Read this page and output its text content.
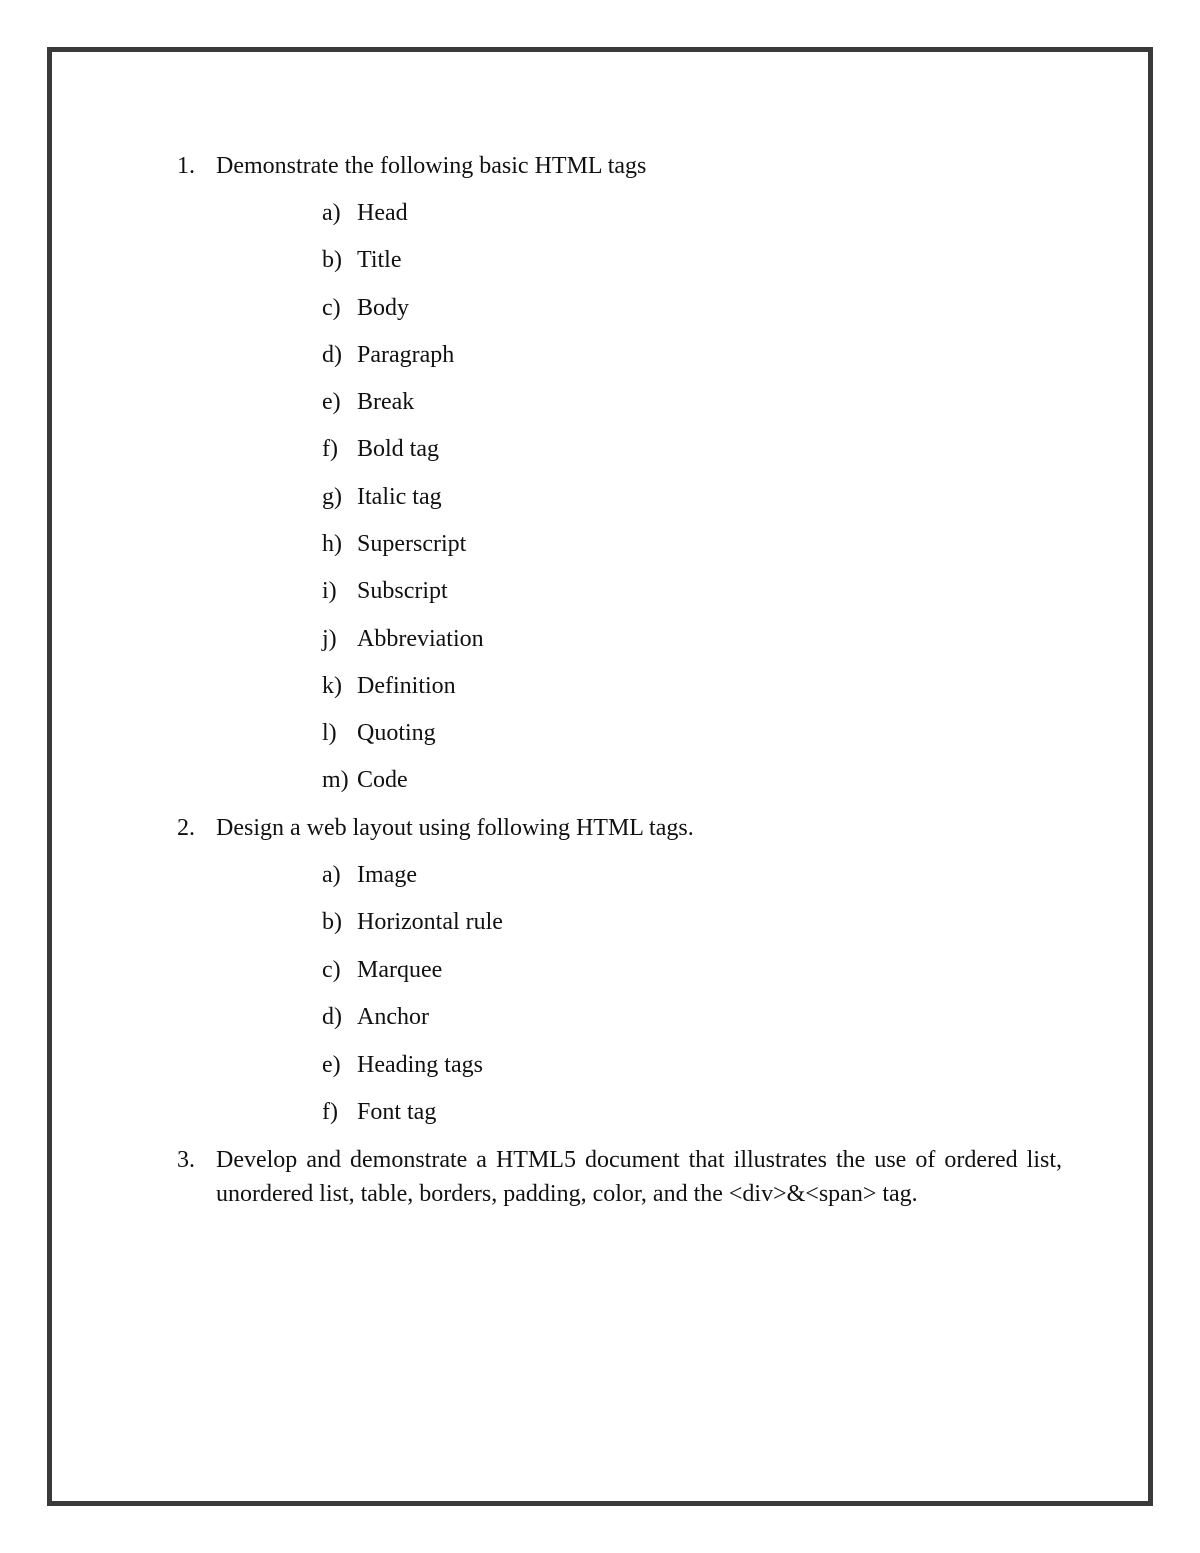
1. Demonstrate the following basic HTML tags
a) Head
b) Title
c) Body
d) Paragraph
e) Break
f) Bold tag
g) Italic tag
h) Superscript
i) Subscript
j) Abbreviation
k) Definition
l) Quoting
m) Code
2. Design a web layout using following HTML tags.
a) Image
b) Horizontal rule
c) Marquee
d) Anchor
e) Heading tags
f) Font tag
3. Develop and demonstrate a HTML5 document that illustrates the use of ordered list, unordered list, table, borders, padding, color, and the <div>&<span> tag.
